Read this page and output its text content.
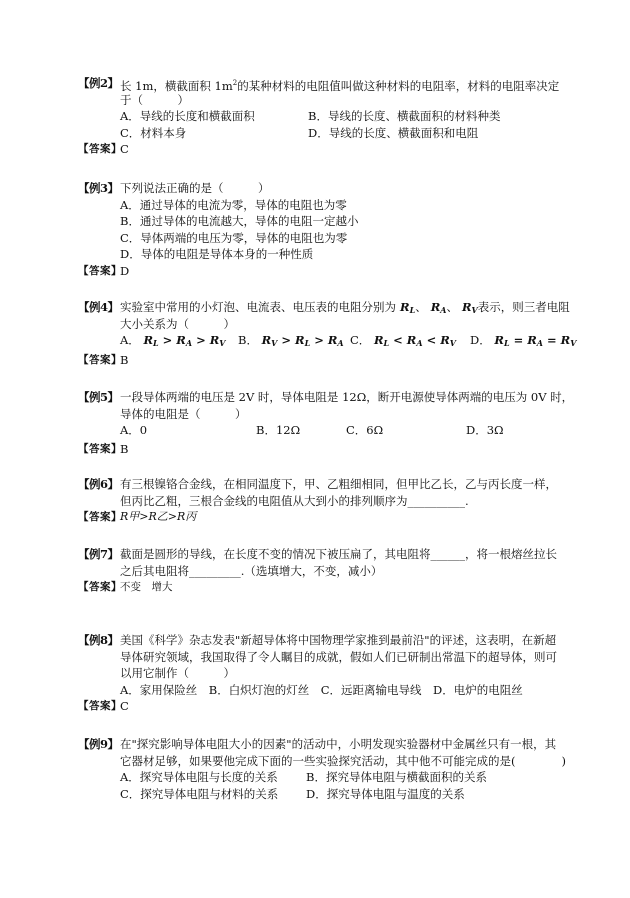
【例2】 长 1m，横截面积 $1m^2$的某种材料的电阻值叫做这种材料的电阻率，材料的电阻率决定
于（　　　）
A．导线的长度和横截面积	B．导线的长度、横截面积的材料种类
C．材料本身	D．导线的长度、横截面积和电阻
【答案】
C
【例3】 下列说法正确的是（　　　）
A．通过导体的电流为零，导体的电阻也为零
B．通过导体的电流越大，导体的电阻一定越小
C．导体两端的电压为零，导体的电阻也为零
D．导体的电阻是导体本身的一种性质
【答案】
D
【例4】 实验室中常用的小灯泡、电流表、电压表的电阻分别为 $R_L$、 $R_A$、 $R_V$表示，则三者电阻
大小关系为（　　　）
A． $R_L > R_A > R_V$ B． $R_V > R_L > R_A$ C． $R_L < R_A < R_V$ D． $R_L = R_A = R_V$
【答案】
B
【例5】 一段导体两端的电压是 2V 时，导体电阻是 12Ω，断开电源使导体两端的电压为 0V 时，
导体的电阻是（　　　）
A．0	B．12Ω	C．6Ω	D．3Ω
【答案】
B
【例6】 有三根镍铬合金线，在相同温度下，甲、乙粗细相同，但甲比乙长，乙与丙长度一样，
但丙比乙粗，三根合金线的电阻值从大到小的排列顺序为__________.
【答案】
R甲>R乙>R丙
【例7】 截面是圆形的导线，在长度不变的情况下被压扁了，其电阻将______，将一根熔丝拉长
之后其电阻将_________.（选填增大，不变，减小）
【答案】
不变　增大
【例8】 美国《科学》杂志发表"新超导体将中国物理学家推到最前沿"的评述，这表明，在新超
导体研究领域，我国取得了令人瞩目的成就，假如人们已研制出常温下的超导体，则可
以用它制作（　　　）
A．家用保险丝　B．白炽灯泡的灯丝　C．远距离输电导线　D．电炉的电阻丝
【答案】
C
【例9】 在"探究影响导体电阻大小的因素"的活动中，小明发现实验器材中金属丝只有一根，其
它器材足够，如果要他完成下面的一些实验探究活动，其中他不可能完成的是(　　　　)
A．探究导体电阻与长度的关系 B．探究导体电阻与横截面积的关系
C．探究导体电阻与材料的关系 D．探究导体电阻与温度的关系
